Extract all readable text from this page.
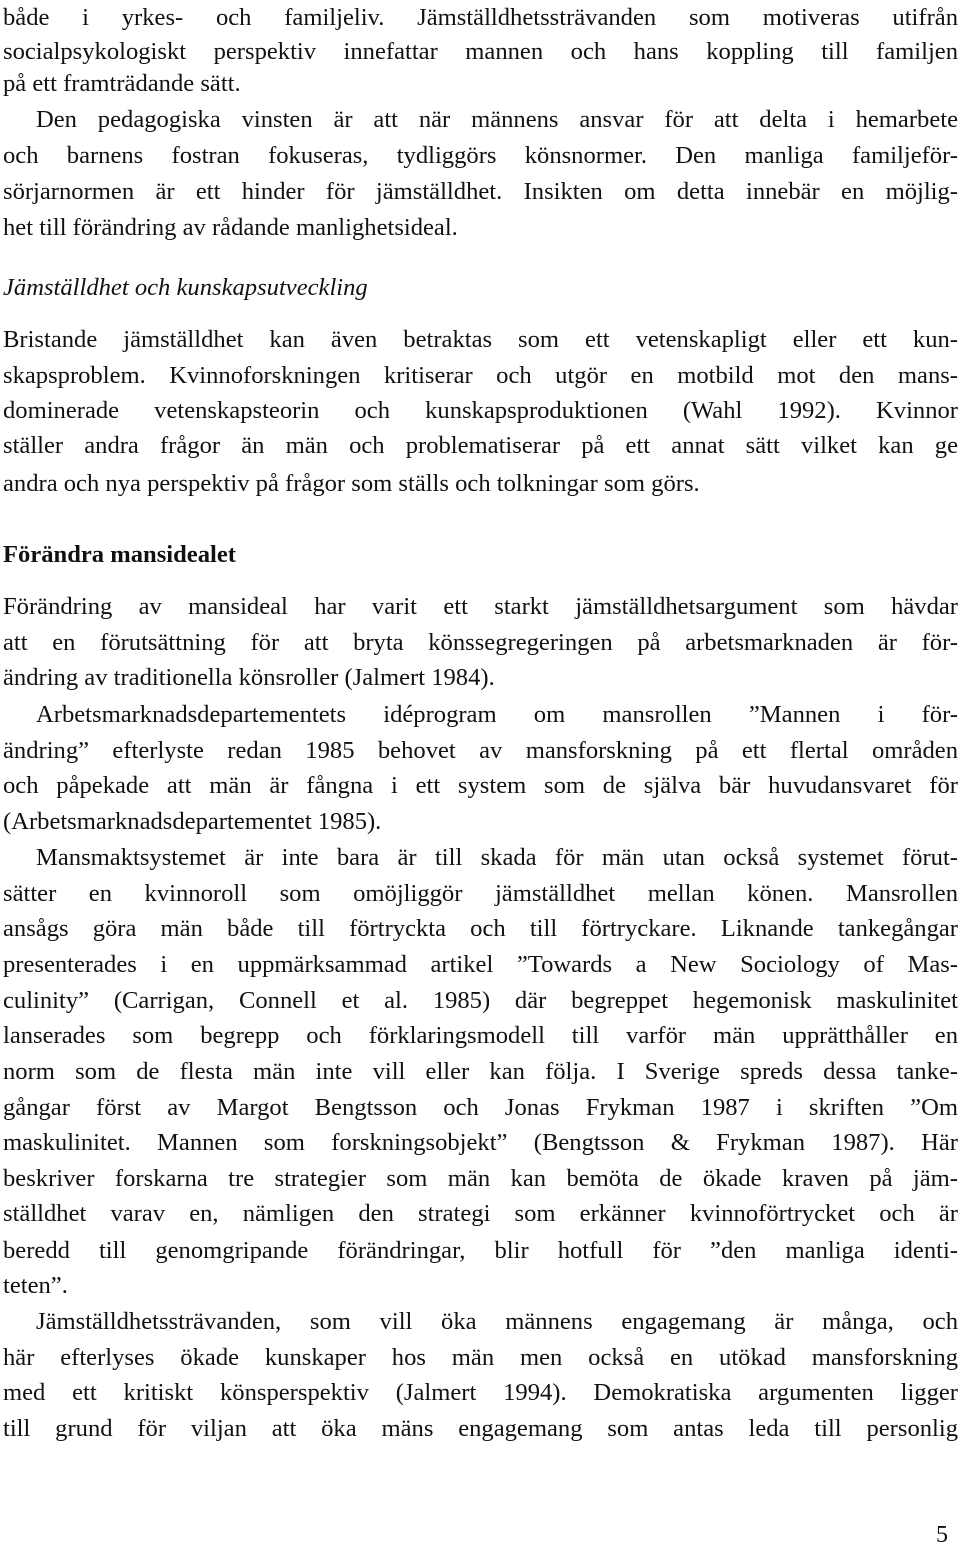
både i yrkes- och familjeliv. Jämställdhetssträvanden som motiveras utifrån
socialpsykologiskt perspektiv innefattar mannen och hans koppling till familjen
på ett framträdande sätt.
Den pedagogiska vinsten är att när männens ansvar för att delta i hemarbete
och barnens fostran fokuseras, tydliggörs könsnormer. Den manliga familjeför-
sörjarnormen är ett hinder för jämställdhet. Insikten om detta innebär en möjlig-
het till förändring av rådande manlighetsideal.
Jämställdhet och kunskapsutveckling
Bristande jämställdhet kan även betraktas som ett vetenskapligt eller ett kun-
skapsproblem. Kvinnoforskningen kritiserar och utgör en motbild mot den mans-
dominerade vetenskapsteorin och kunskapsproduktionen (Wahl 1992). Kvinnor
ställer andra frågor än män och problematiserar på ett annat sätt vilket kan ge
andra och nya perspektiv på frågor som ställs och tolkningar som görs.
Förändra mansidealet
Förändring av mansideal har varit ett starkt jämställdhetsargument som hävdar
att en förutsättning för att bryta könssegregeringen på arbetsmarknaden är för-
ändring av traditionella könsroller (Jalmert 1984).
Arbetsmarknadsdepartementets idéprogram om mansrollen ”Mannen i för-
ändring” efterlyste redan 1985 behovet av mansforskning på ett flertal områden
och påpekade att män är fångna i ett system som de själva bär huvudansvaret för
(Arbetsmarknadsdepartementet 1985).
Mansmaktsystemet är inte bara är till skada för män utan också systemet förut-
sätter en kvinnoroll som omöjliggör jämställdhet mellan könen. Mansrollen
ansågs göra män både till förtryckta och till förtryckare. Liknande tankegångar
presenterades i en uppmärksammad artikel ”Towards a New Sociology of Mas-
culinity” (Carrigan, Connell et al. 1985) där begreppet hegemonisk maskulinitet
lanserades som begrepp och förklaringsmodell till varför män upprätthåller en
norm som de flesta män inte vill eller kan följa. I Sverige spreds dessa tanke-
gångar först av Margot Bengtsson och Jonas Frykman 1987 i skriften ”Om
maskulinitet. Mannen som forskningsobjekt” (Bengtsson & Frykman 1987). Här
beskriver forskarna tre strategier som män kan bemöta de ökade kraven på jäm-
ställdhet varav en, nämligen den strategi som erkänner kvinnoförtrycket och är
beredd till genomgripande förändringar, blir hotfull för ”den manliga identi-
teten”.
Jämställdhetssträvanden, som vill öka männens engagemang är många, och
här efterlyses ökade kunskaper hos män men också en utökad mansforskning
med ett kritiskt könsperspektiv (Jalmert 1994). Demokratiska argumenten ligger
till grund för viljan att öka mäns engagemang som antas leda till personlig
5
